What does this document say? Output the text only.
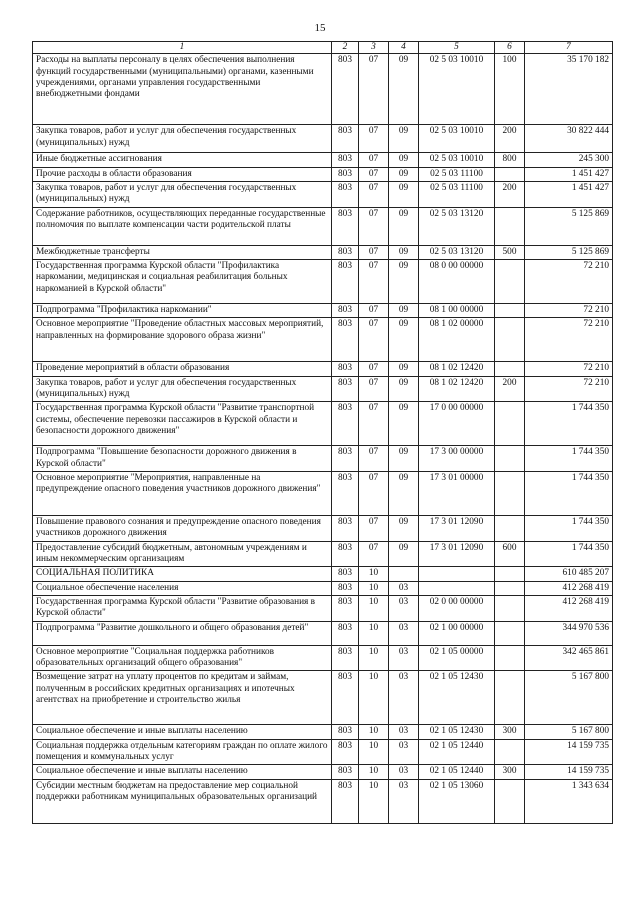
15
1	2	3	4	5	6	7
Расходы на выплаты персоналу в целях обеспечения выполнения функций государственными (муниципальными) органами, казенными учреждениями, органами управления государственными внебюджетными фондами	803	07	09	02 5 03 10010	100	35 170 182
Закупка товаров, работ и услуг для обеспечения государственных (муниципальных) нужд	803	07	09	02 5 03 10010	200	30 822 444
Иные бюджетные ассигнования	803	07	09	02 5 03 10010	800	245 300
Прочие расходы в области образования	803	07	09	02 5 03 11100		1 451 427
Закупка товаров, работ и услуг для обеспечения государственных (муниципальных) нужд	803	07	09	02 5 03 11100	200	1 451 427
Содержание работников, осуществляющих переданные государственные полномочия по выплате компенсации части родительской платы	803	07	09	02 5 03 13120		5 125 869
Межбюджетные трансферты	803	07	09	02 5 03 13120	500	5 125 869
Государственная программа Курской области "Профилактика наркомании, медицинская и социальная реабилитация больных наркоманией в Курской области"	803	07	09	08 0 00 00000		72 210
Подпрограмма "Профилактика наркомании"	803	07	09	08 1 00 00000		72 210
Основное мероприятие "Проведение областных массовых мероприятий, направленных на формирование здорового образа жизни"	803	07	09	08 1 02 00000		72 210
Проведение мероприятий в области образования	803	07	09	08 1 02 12420		72 210
Закупка товаров, работ и услуг для обеспечения государственных (муниципальных) нужд	803	07	09	08 1 02 12420	200	72 210
Государственная программа Курской области "Развитие транспортной системы, обеспечение перевозки пассажиров в Курской области и безопасности дорожного движения"	803	07	09	17 0 00 00000		1 744 350
Подпрограмма "Повышение безопасности дорожного движения в Курской области"	803	07	09	17 3 00 00000		1 744 350
Основное мероприятие "Мероприятия, направленные на предупреждение опасного поведения участников дорожного движения"	803	07	09	17 3 01 00000		1 744 350
Повышение правового сознания и предупреждение опасного поведения участников дорожного движения	803	07	09	17 3 01 12090		1 744 350
Предоставление субсидий бюджетным, автономным учреждениям и иным некоммерческим организациям	803	07	09	17 3 01 12090	600	1 744 350
СОЦИАЛЬНАЯ ПОЛИТИКА	803	10				610 485 207
Социальное обеспечение населения	803	10	03			412 268 419
Государственная программа Курской области "Развитие образования в Курской области"	803	10	03	02 0 00 00000		412 268 419
Подпрограмма "Развитие дошкольного и общего образования детей"	803	10	03	02 1 00 00000		344 970 536
Основное мероприятие "Социальная поддержка работников образовательных организаций общего образования"	803	10	03	02 1 05 00000		342 465 861
Возмещение затрат на уплату процентов по кредитам и займам, полученным в российских кредитных организациях и ипотечных агентствах на приобретение и строительство жилья	803	10	03	02 1 05 12430		5 167 800
Социальное обеспечение и иные выплаты населению	803	10	03	02 1 05 12430	300	5 167 800
Социальная поддержка отдельным категориям граждан по оплате жилого помещения и коммунальных услуг	803	10	03	02 1 05 12440		14 159 735
Социальное обеспечение и иные выплаты населению	803	10	03	02 1 05 12440	300	14 159 735
Субсидии местным бюджетам на предоставление мер социальной поддержки работникам муниципальных образовательных организаций	803	10	03	02 1 05 13060		1 343 634
